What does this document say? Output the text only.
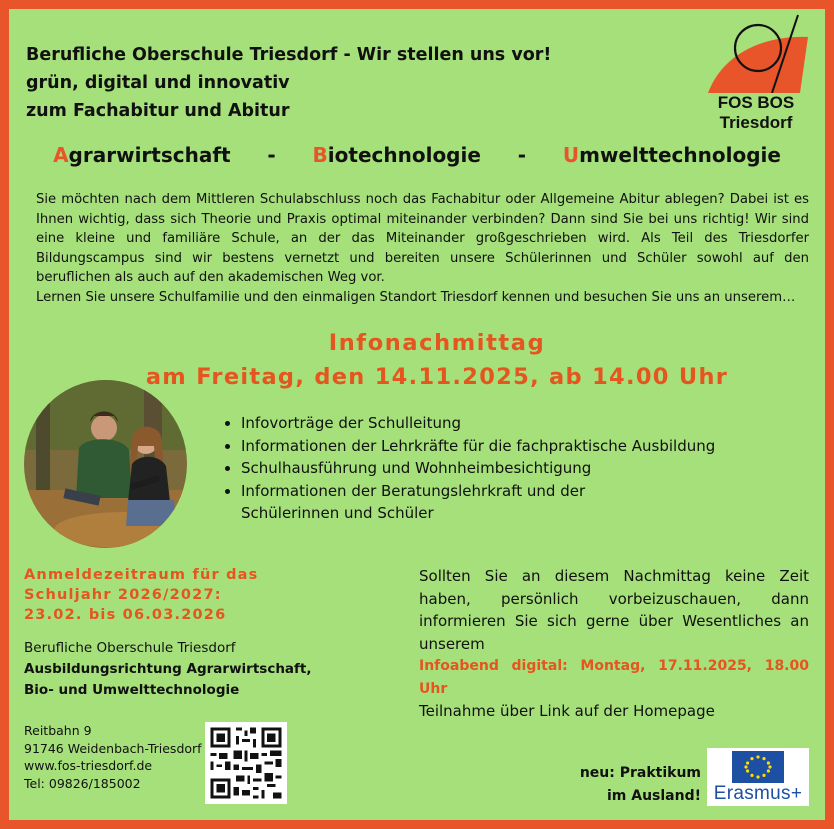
Berufliche Oberschule Triesdorf - Wir stellen uns vor!
grün, digital und innovativ
zum Fachabitur und Abitur	FOS BOS
Triesdorf
Agrarwirtschaft - Biotechnologie - Umwelttechnologie

Sie möchten nach dem Mittleren Schulabschluss noch das Fachabitur oder Allgemeine Abitur ablegen? Dabei ist es Ihnen wichtig, dass sich Theorie und Praxis optimal miteinander verbinden? Dann sind Sie bei uns richtig! Wir sind eine kleine und familiäre Schule, an der das Miteinander großgeschrieben wird. Als Teil des Triesdorfer Bildungscampus sind wir bestens vernetzt und bereiten unsere Schülerinnen und Schüler sowohl auf den beruflichen als auch auf den akademischen Weg vor.

Lernen Sie unsere Schulfamilie und den einmaligen Standort Triesdorf kennen und besuchen Sie uns an unserem…

Infonachmittag
am Freitag, den 14.11.2025, ab 14.00 Uhr
• Infovorträge der Schulleitung
• Informationen der Lehrkräfte für die fachpraktische Ausbildung
• Schulhausführung und Wohnheimbesichtigung
• Informationen der Beratungslehrkraft und der Schülerinnen und Schüler
Anmeldezeitraum für das
Schuljahr 2026/2027:
23.02. bis 06.03.2026
Berufliche Oberschule Triesdorf
Ausbildungsrichtung Agrarwirtschaft,
Bio- und Umwelttechnologie

Sollten Sie an diesem Nachmittag keine Zeit haben, persönlich vorbeizuschauen, dann informieren Sie sich gerne über Wesentliches an unserem

Infoabend digital: Montag, 17.11.2025, 18.00 Uhr

Teilnahme über Link auf der Homepage

Reitbahn 9
91746 Weidenbach-Triesdorf
www.fos-triesdorf.de
Tel: 09826/185002
neu: Praktikum
im Ausland! Erasmus+
